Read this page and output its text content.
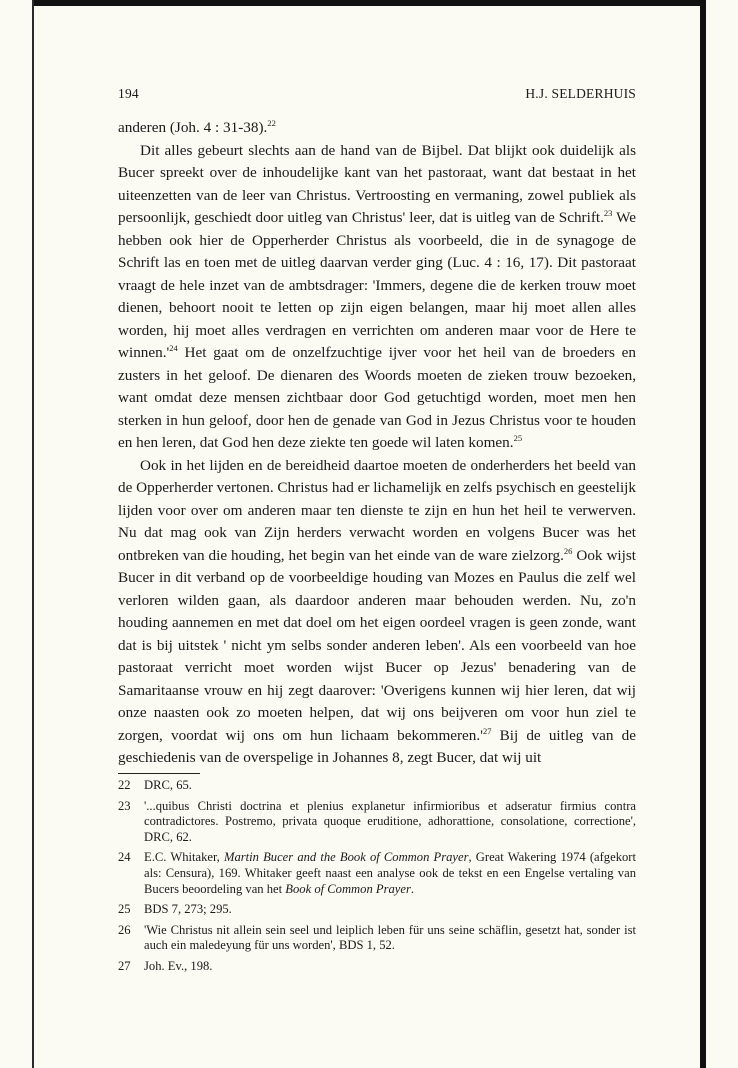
194	H.J. SELDERHUIS

anderen (Joh. 4 : 31-38).$^{22}$

Dit alles gebeurt slechts aan de hand van de Bijbel. Dat blijkt ook duidelijk als Bucer spreekt over de inhoudelijke kant van het pastoraat, want dat bestaat in het uiteenzetten van de leer van Christus. Vertroosting en vermaning, zowel publiek als persoonlijk, geschiedt door uitleg van Christus' leer, dat is uitleg van de Schrift.$^{23}$ We hebben ook hier de Opperherder Christus als voorbeeld, die in de synagoge de Schrift las en toen met de uitleg daarvan verder ging (Luc. 4 : 16, 17). Dit pastoraat vraagt de hele inzet van de ambtsdrager: 'Immers, degene die de kerken trouw moet dienen, behoort nooit te letten op zijn eigen belangen, maar hij moet allen alles worden, hij moet alles verdragen en verrichten om anderen maar voor de Here te $winnen.'^{24}$ Het gaat om de onzelfzuchtige ijver voor het heil van de broeders en zusters in het geloof. De dienaren des Woords moeten de zieken trouw bezoeken, want omdat deze mensen zichtbaar door God getuchtigd worden, moet men hen sterken in hun geloof, door hen de genade van God in Jezus Christus voor te houden en hen leren, dat God hen deze ziekte ten goede wil laten komen.$^{25}$

Ook in het lijden en de bereidheid daartoe moeten de onderherders het beeld van de Opperherder vertonen. Christus had er lichamelijk en zelfs psychisch en geestelijk lijden voor over om anderen maar ten dienste te zijn en hun het heil te verwerven. Nu dat mag ook van Zijn herders verwacht worden en volgens Bucer was het ontbreken van die houding, het begin van het einde van de ware zielzorg.$^{26}$ Ook wijst Bucer in dit verband op de voorbeeldige houding van Mozes en Paulus die zelf wel verloren wilden gaan, als daardoor anderen maar behouden werden. Nu, zo'n houding aannemen en met dat doel om het eigen oordeel vragen is geen zonde, want dat is bij uitstek ' nicht ym selbs sonder anderen leben'. Als een voorbeeld van hoe pastoraat verricht moet worden wijst Bucer op Jezus' benadering van de Samaritaanse vrouw en hij zegt daarover: 'Overigens kunnen wij hier leren, dat wij onze naasten ook zo moeten helpen, dat wij ons beijveren om voor hun ziel te zorgen, voordat wij ons om hun lichaam $bekommeren.'^{27}$ Bij de uitleg van de geschiedenis van de overspelige in Johannes 8, zegt Bucer, dat wij uit

22	DRC, 65.
23	'...quibus Christi doctrina et plenius explanetur infirmioribus et adseratur firmius contra contradictores. Postremo, privata quoque eruditione, adhorattione, consolatione, correctione', DRC, 62.
24	E.C. Whitaker, Martin Bucer and the Book of Common Prayer, Great Wakering 1974 (afgekort als: Censura), 169. Whitaker geeft naast een analyse ook de tekst en een Engelse vertaling van Bucers beoordeling van het Book of Common Prayer.
25	BDS 7, 273; 295.
26	'Wie Christus nit allein sein seel und leiplich leben für uns seine schäflin, gesetzt hat, sonder ist auch ein maledeyung für uns worden', BDS 1, 52.
27	Joh. Ev., 198.
